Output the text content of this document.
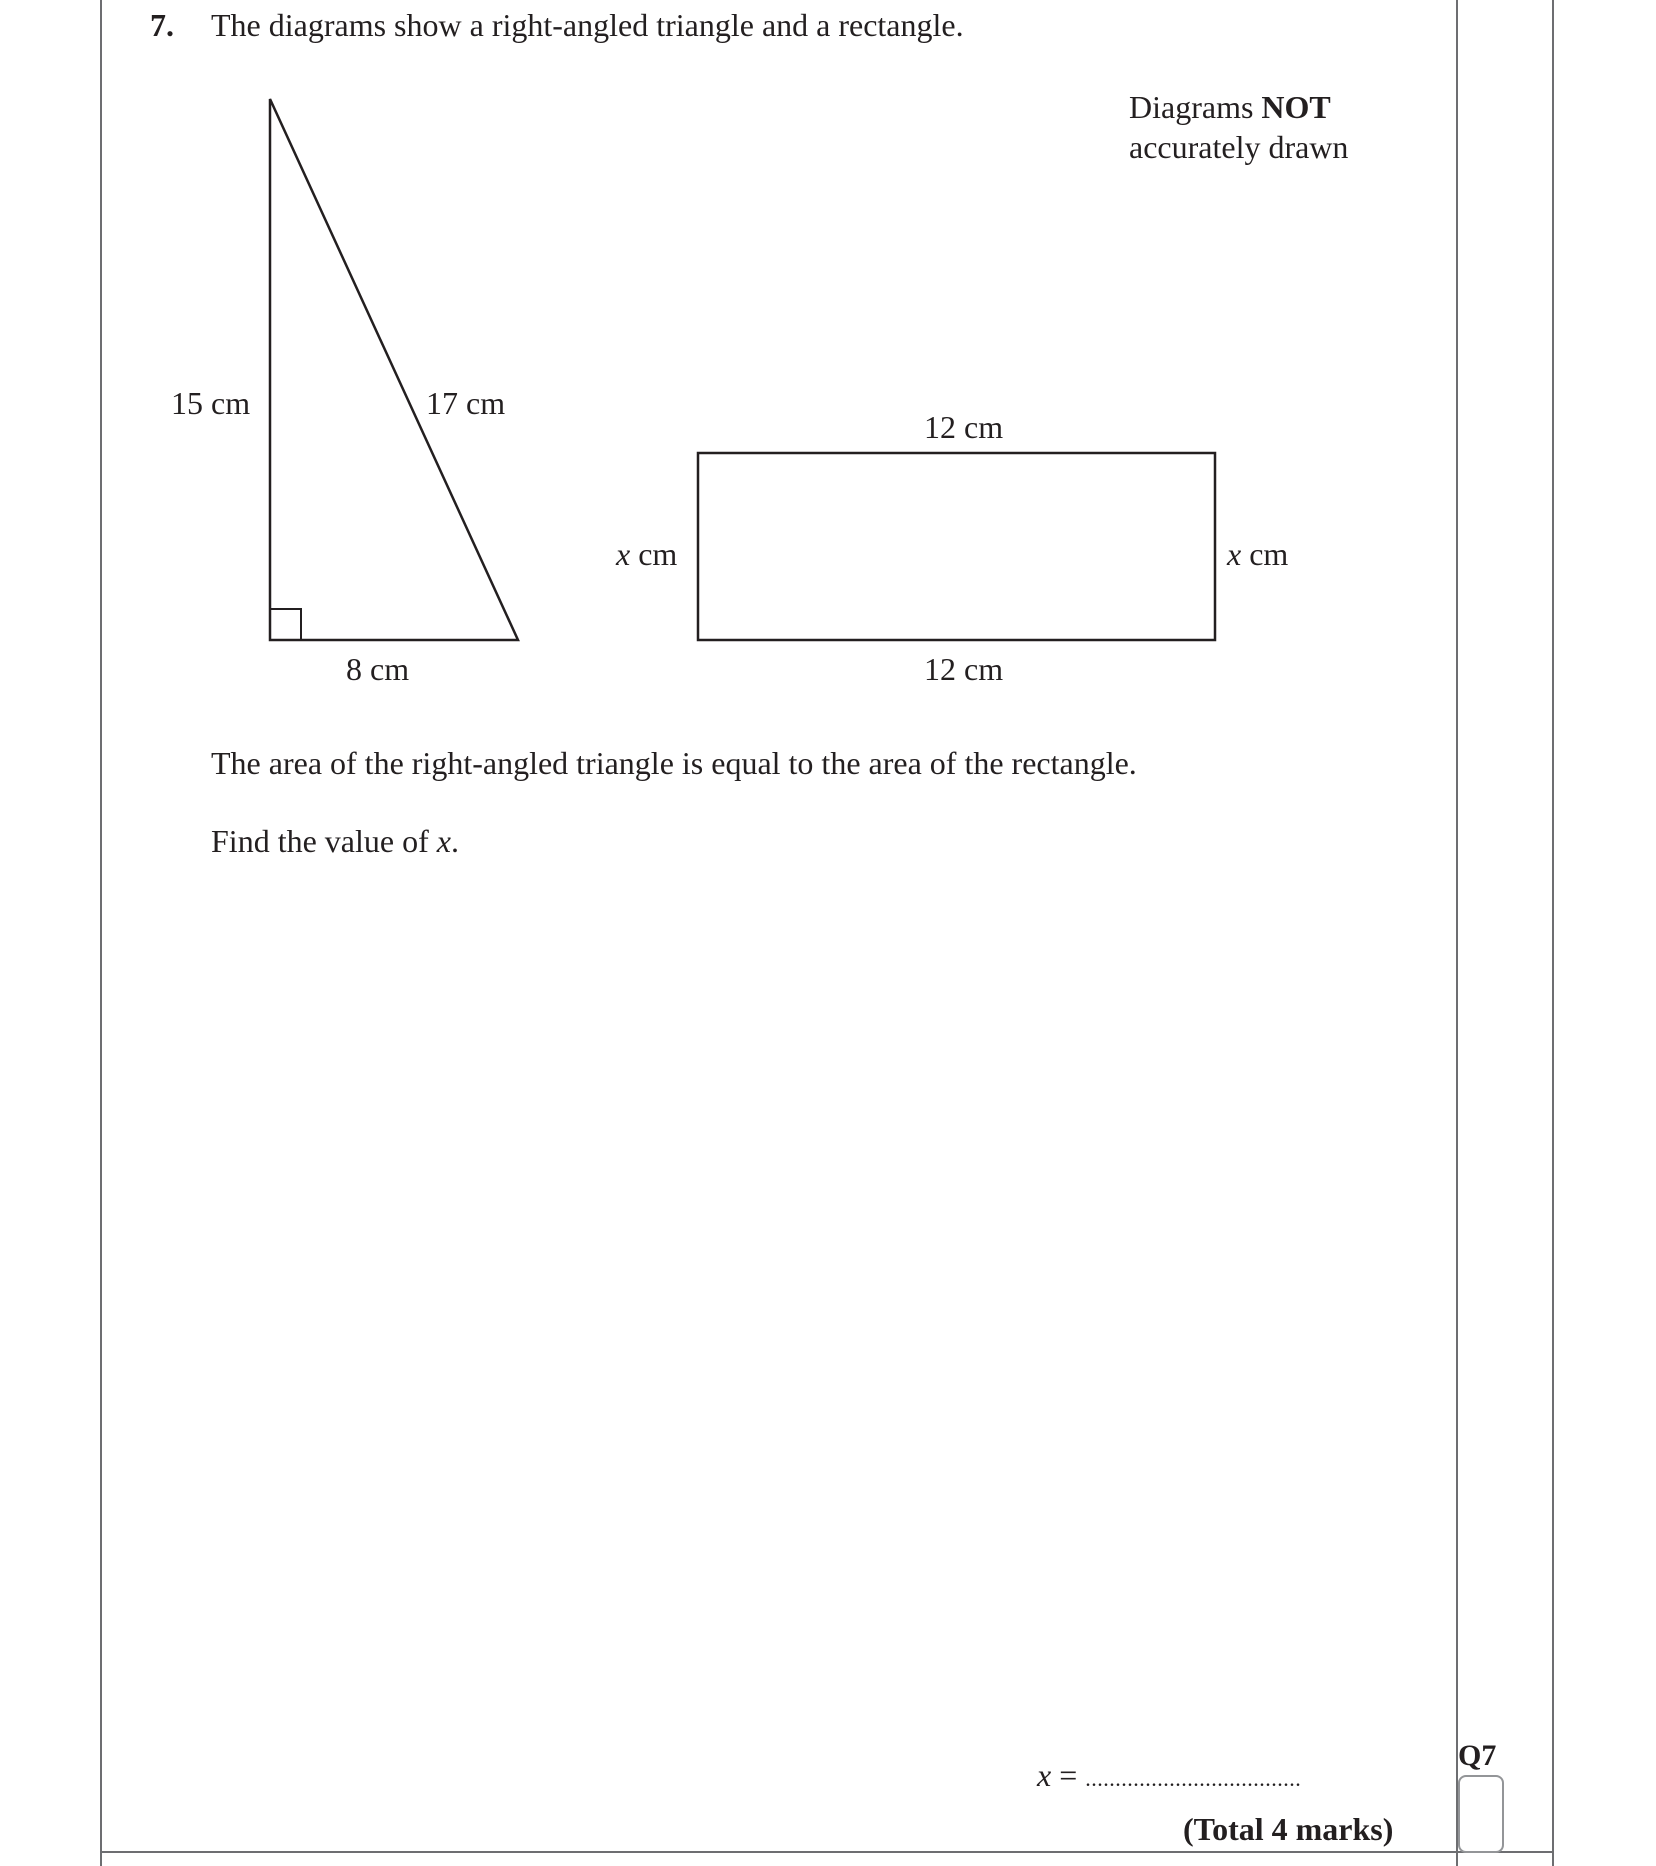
7. The diagrams show a right-angled triangle and a rectangle.
Diagrams NOT
accurately drawn
15 cm	17 cm
8 cm
12 cm
12 cm
x cm	x cm
The area of the right-angled triangle is equal to the area of the rectangle.
Find the value of x.
x = ....................................
(Total 4 marks)
Q7
